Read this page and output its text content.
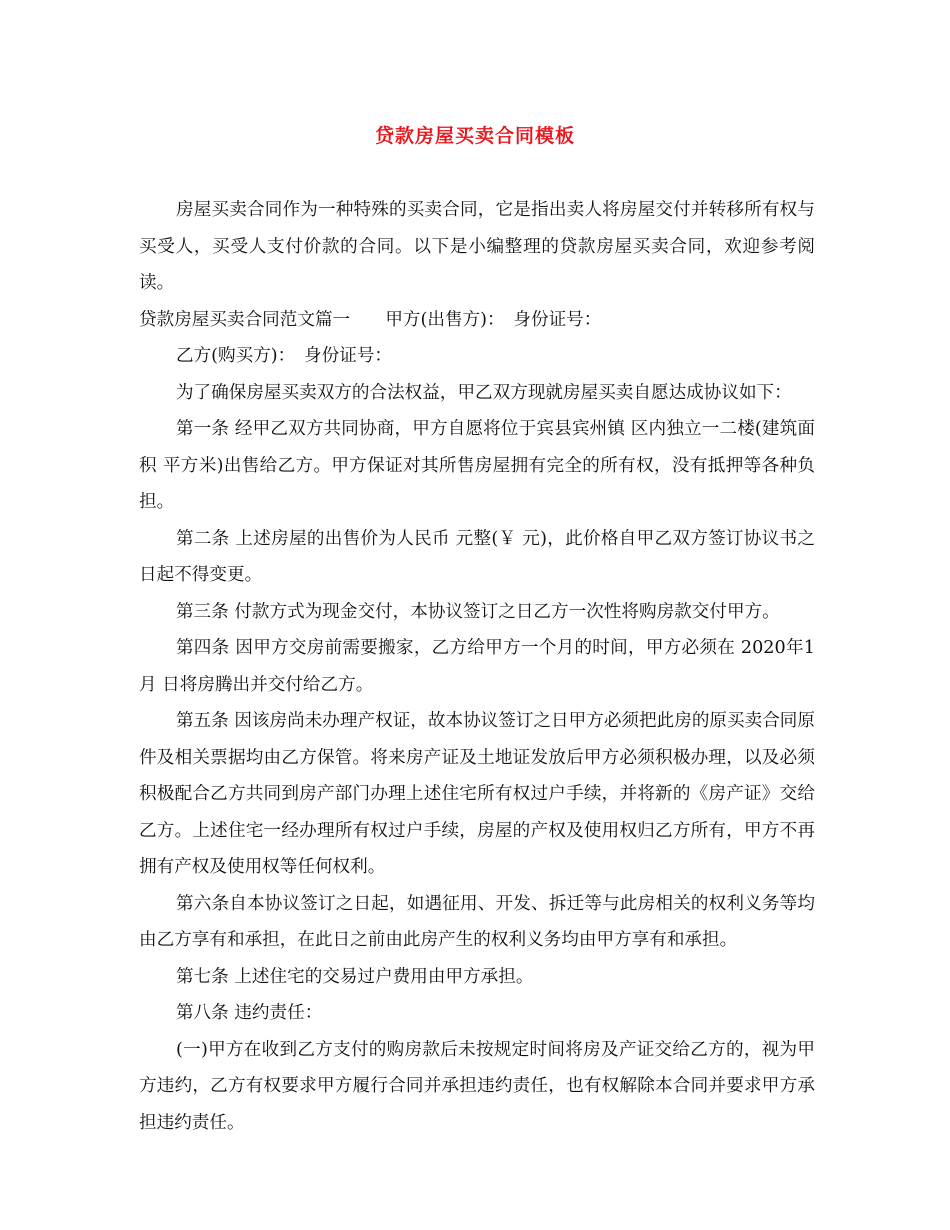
贷款房屋买卖合同模板

房屋买卖合同作为一种特殊的买卖合同，它是指出卖人将房屋交付并转移所有权与买受人，买受人支付价款的合同。以下是小编整理的贷款房屋买卖合同，欢迎参考阅读。

贷款房屋买卖合同范文篇一　　甲方(出售方)：　身份证号：

乙方(购买方)：　身份证号：

为了确保房屋买卖双方的合法权益，甲乙双方现就房屋买卖自愿达成协议如下：

第一条 经甲乙双方共同协商，甲方自愿将位于宾县宾州镇 区内独立一二楼(建筑面积 平方米)出售给乙方。甲方保证对其所售房屋拥有完全的所有权，没有抵押等各种负担。

第二条 上述房屋的出售价为人民币 元整(￥ 元)，此价格自甲乙双方签订协议书之日起不得变更。

第三条 付款方式为现金交付，本协议签订之日乙方一次性将购房款交付甲方。

第四条 因甲方交房前需要搬家，乙方给甲方一个月的时间，甲方必须在 2020年1月 日将房腾出并交付给乙方。

第五条 因该房尚未办理产权证，故本协议签订之日甲方必须把此房的原买卖合同原件及相关票据均由乙方保管。将来房产证及土地证发放后甲方必须积极办理，以及必须积极配合乙方共同到房产部门办理上述住宅所有权过户手续，并将新的《房产证》交给乙方。上述住宅一经办理所有权过户手续，房屋的产权及使用权归乙方所有，甲方不再拥有产权及使用权等任何权利。

第六条自本协议签订之日起，如遇征用、开发、拆迁等与此房相关的权利义务等均由乙方享有和承担，在此日之前由此房产生的权利义务均由甲方享有和承担。

第七条 上述住宅的交易过户费用由甲方承担。

第八条 违约责任：

(一)甲方在收到乙方支付的购房款后未按规定时间将房及产证交给乙方的，视为甲方违约，乙方有权要求甲方履行合同并承担违约责任，也有权解除本合同并要求甲方承担违约责任。
